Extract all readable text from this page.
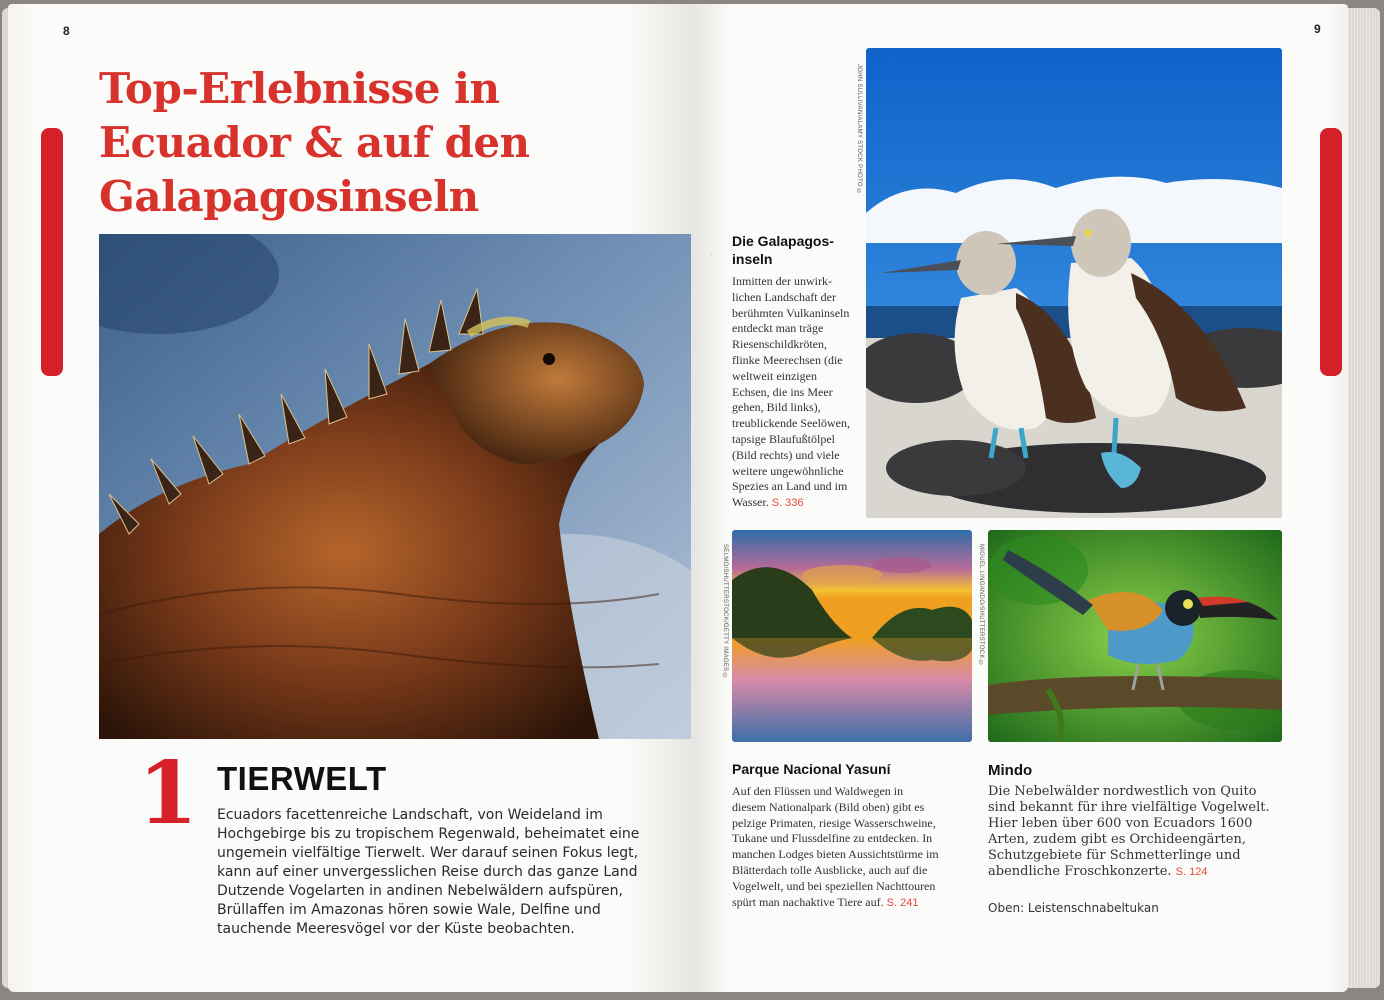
8
Top-Erlebnisse in Ecuador & auf den Galapagosinseln
1 TIERWELT
Ecuadors facettenreiche Landschaft, von Weideland im Hochgebirge bis zu tropischem Regenwald, beheimatet eine ungemein vielfältige Tierwelt. Wer darauf seinen Fokus legt, kann auf einer unvergesslichen Reise durch das ganze Land Dutzende Vogelarten in andinen Nebelwäldern aufspüren, Brüllaffen im Amazonas hören sowie Wale, Delfine und tauchende Meeresvögel vor der Küste beobachten.
9
JOHN SULLIVAN/ALAMY STOCK PHOTO ©
◦
Die Galapagosinseln
Inmitten der unwirklichen Landschaft der berühmten Vulkaninseln entdeckt man träge Riesenschildkröten, flinke Meerechsen (die weltweit einzigen Echsen, die ins Meer gehen, Bild links), treublickende Seelöwen, tapsige Blaufußtölpel (Bild rechts) und viele weitere ungewöhnliche Spezies an Land und im Wasser. S. 336
SELMO/SHUTTERSTOCK/GETTY IMAGES ©	MIGUEL LINGANDO/SHUTTERSTOCK ©
Parque Nacional Yasuní
Auf den Flüssen und Waldwegen in diesem Nationalpark (Bild oben) gibt es pelzige Primaten, riesige Wasserschweine, Tukane und Flussdelfine zu entdecken. In manchen Lodges bieten Aussichtstürme im Blätterdach tolle Ausblicke, auch auf die Vogelwelt, und bei speziellen Nachttouren spürt man nachaktive Tiere auf. S. 241
Mindo
Die Nebelwälder nordwestlich von Quito sind bekannt für ihre vielfältige Vogelwelt. Hier leben über 600 von Ecuadors 1600 Arten, zudem gibt es Orchideengärten, Schutzgebiete für Schmetterlinge und abendliche Froschkonzerte. S. 124
Oben: Leistenschnabeltukan
